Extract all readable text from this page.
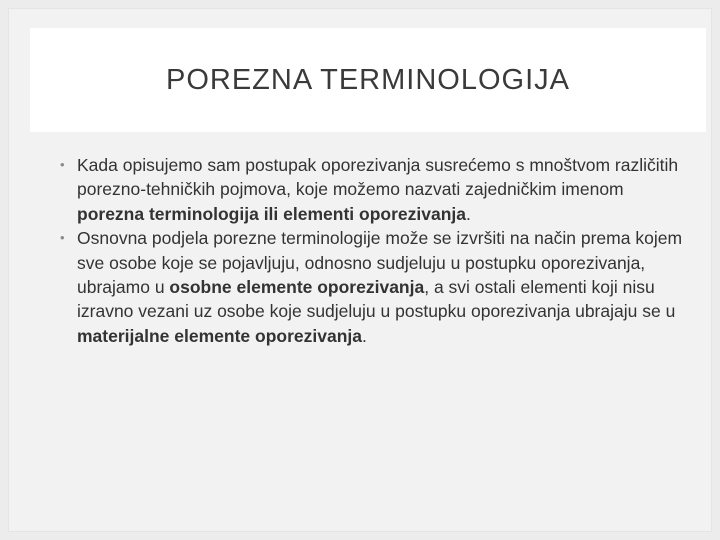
POREZNA TERMINOLOGIJA

• Kada opisujemo sam postupak oporezivanja susrećemo s mnoštvom različitih porezno-tehničkih pojmova, koje možemo nazvati zajedničkim imenom porezna terminologija ili elementi oporezivanja.

• Osnovna podjela porezne terminologije može se izvršiti na način prema kojem sve osobe koje se pojavljuju, odnosno sudjeluju u postupku oporezivanja, ubrajamo u osobne elemente oporezivanja, a svi ostali elementi koji nisu izravno vezani uz osobe koje sudjeluju u postupku oporezivanja ubrajaju se u materijalne elemente oporezivanja.
